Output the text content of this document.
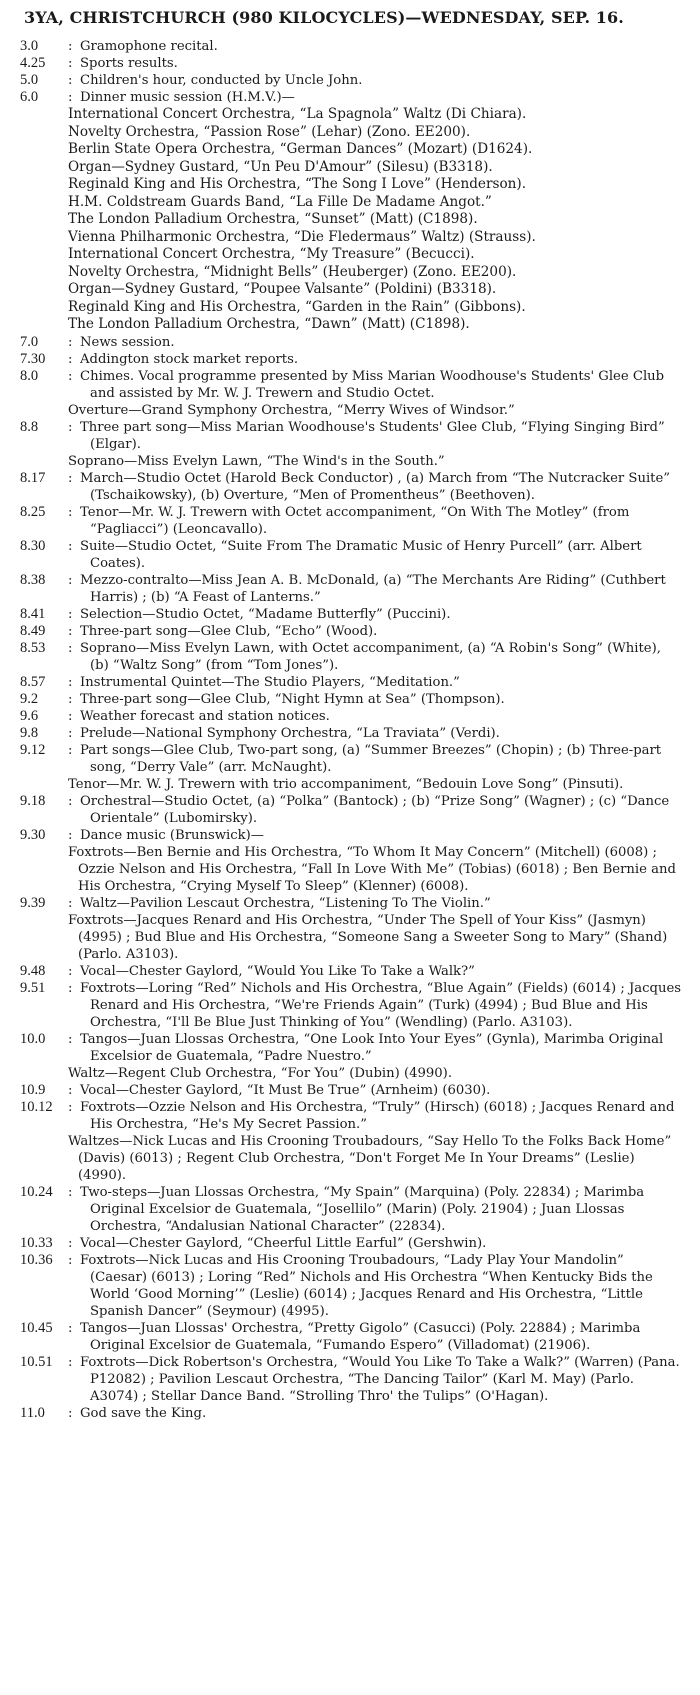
3YA, CHRISTCHURCH (980 KILOCYCLES)—WEDNESDAY, SEP. 16.
3.0	: Gramophone recital.
4.25	: Sports results.
5.0	: Children's hour, conducted by Uncle John.
6.0	: Dinner music session (H.M.V.)—
International Concert Orchestra, “La Spagnola” Waltz (Di Chiara).
Novelty Orchestra, “Passion Rose” (Lehar) (Zono. EE200).
Berlin State Opera Orchestra, “German Dances” (Mozart) (D1624).
Organ—Sydney Gustard, “Un Peu D'Amour” (Silesu) (B3318).
Reginald King and His Orchestra, “The Song I Love” (Henderson).
H.M. Coldstream Guards Band, “La Fille De Madame Angot.”
The London Palladium Orchestra, “Sunset” (Matt) (C1898).
Vienna Philharmonic Orchestra, “Die Fledermaus” Waltz) (Strauss).
International Concert Orchestra, “My Treasure” (Becucci).
Novelty Orchestra, “Midnight Bells” (Heuberger) (Zono. EE200).
Organ—Sydney Gustard, “Poupee Valsante” (Poldini) (B3318).
Reginald King and His Orchestra, “Garden in the Rain” (Gibbons).
The London Palladium Orchestra, “Dawn” (Matt) (C1898).
7.0	: News session.
7.30	: Addington stock market reports.
8.0	: Chimes. Vocal programme presented by Miss Marian Woodhouse's Students' Glee Club and assisted by Mr. W. J. Trewern and Studio Octet.
Overture—Grand Symphony Orchestra, “Merry Wives of Windsor.”
8.8	: Three part song—Miss Marian Woodhouse's Students' Glee Club, “Flying Singing Bird” (Elgar).
Soprano—Miss Evelyn Lawn, “The Wind's in the South.”
8.17	: March—Studio Octet (Harold Beck Conductor) , (a) March from “The Nutcracker Suite” (Tschaikowsky), (b) Overture, “Men of Promentheus” (Beethoven).
8.25	: Tenor—Mr. W. J. Trewern with Octet accompaniment, “On With The Motley” (from “Pagliacci”) (Leoncavallo).
8.30	: Suite—Studio Octet, “Suite From The Dramatic Music of Henry Purcell” (arr. Albert Coates).
8.38	: Mezzo-contralto—Miss Jean A. B. McDonald, (a) “The Merchants Are Riding” (Cuthbert Harris) ; (b) “A Feast of Lanterns.”
8.41	: Selection—Studio Octet, “Madame Butterfly” (Puccini).
8.49	: Three-part song—Glee Club, “Echo” (Wood).
8.53	: Soprano—Miss Evelyn Lawn, with Octet accompaniment, (a) “A Robin's Song” (White), (b) “Waltz Song” (from “Tom Jones”).
8.57	: Instrumental Quintet—The Studio Players, “Meditation.”
9.2	: Three-part song—Glee Club, “Night Hymn at Sea” (Thompson).
9.6	: Weather forecast and station notices.
9.8	: Prelude—National Symphony Orchestra, “La Traviata” (Verdi).
9.12	: Part songs—Glee Club, Two-part song, (a) “Summer Breezes” (Chopin) ; (b) Three-part song, “Derry Vale” (arr. McNaught).
Tenor—Mr. W. J. Trewern with trio accompaniment, “Bedouin Love Song” (Pinsuti).
9.18	: Orchestral—Studio Octet, (a) “Polka” (Bantock) ; (b) “Prize Song” (Wagner) ; (c) “Dance Orientale” (Lubomirsky).
9.30	: Dance music (Brunswick)—
Foxtrots—Ben Bernie and His Orchestra, “To Whom It May Concern” (Mitchell) (6008) ; Ozzie Nelson and His Orchestra, “Fall In Love With Me” (Tobias) (6018) ; Ben Bernie and His Orchestra, “Crying Myself To Sleep” (Klenner) (6008).
9.39	: Waltz—Pavilion Lescaut Orchestra, “Listening To The Violin.”
Foxtrots—Jacques Renard and His Orchestra, “Under The Spell of Your Kiss” (Jasmyn) (4995) ; Bud Blue and His Orchestra, “Someone Sang a Sweeter Song to Mary” (Shand) (Parlo. A3103).
9.48	: Vocal—Chester Gaylord, “Would You Like To Take a Walk?”
9.51	: Foxtrots—Loring “Red” Nichols and His Orchestra, “Blue Again” (Fields) (6014) ; Jacques Renard and His Orchestra, “We're Friends Again” (Turk) (4994) ; Bud Blue and His Orchestra, “I'll Be Blue Just Thinking of You” (Wendling) (Parlo. A3103).
10.0	: Tangos—Juan Llossas Orchestra, “One Look Into Your Eyes” (Gynla), Marimba Original Excelsior de Guatemala, “Padre Nuestro.”
Waltz—Regent Club Orchestra, “For You” (Dubin) (4990).
10.9	: Vocal—Chester Gaylord, “It Must Be True” (Arnheim) (6030).
10.12	: Foxtrots—Ozzie Nelson and His Orchestra, “Truly” (Hirsch) (6018) ; Jacques Renard and His Orchestra, “He's My Secret Passion.”
Waltzes—Nick Lucas and His Crooning Troubadours, “Say Hello To the Folks Back Home” (Davis) (6013) ; Regent Club Orchestra, “Don't Forget Me In Your Dreams” (Leslie) (4990).
10.24	: Two-steps—Juan Llossas Orchestra, “My Spain” (Marquina) (Poly. 22834) ; Marimba Original Excelsior de Guatemala, “Josellilo” (Marin) (Poly. 21904) ; Juan Llossas Orchestra, “Andalusian National Character” (22834).
10.33	: Vocal—Chester Gaylord, “Cheerful Little Earful” (Gershwin).
10.36	: Foxtrots—Nick Lucas and His Crooning Troubadours, “Lady Play Your Mandolin” (Caesar) (6013) ; Loring “Red” Nichols and His Orchestra “When Kentucky Bids the World ‘Good Morning’” (Leslie) (6014) ; Jacques Renard and His Orchestra, “Little Spanish Dancer” (Seymour) (4995).
10.45	: Tangos—Juan Llossas' Orchestra, “Pretty Gigolo” (Casucci) (Poly. 22884) ; Marimba Original Excelsior de Guatemala, “Fumando Espero” (Villadomat) (21906).
10.51	: Foxtrots—Dick Robertson's Orchestra, “Would You Like To Take a Walk?” (Warren) (Pana. P12082) ; Pavilion Lescaut Orchestra, “The Dancing Tailor” (Karl M. May) (Parlo. A3074) ; Stellar Dance Band. “Strolling Thro' the Tulips” (O'Hagan).
11.0	: God save the King.
